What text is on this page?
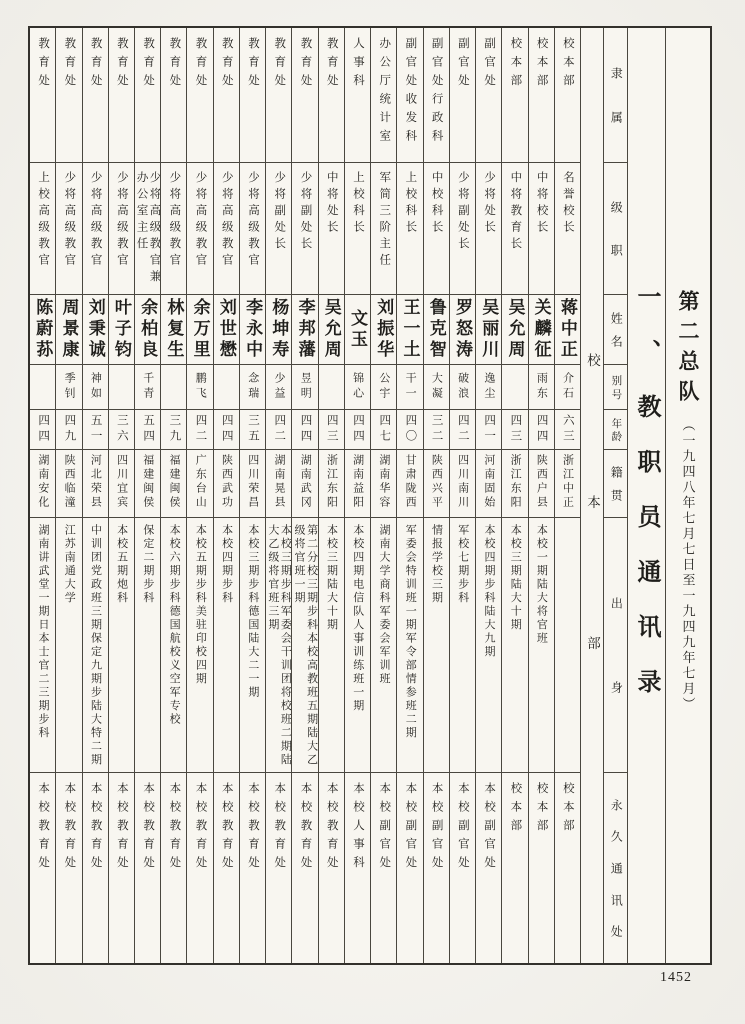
第二总队
（一九四八年七月七日至一九四九年七月）
一、教职员通讯录
隶
属
级
职
姓
名
别
号
年
龄
籍
贯
出
身
永
久
通
讯
处
校
本
部
校本部
名誉校长
蒋中正
介石
六三
浙江中正
校本部
校本部
中将校长
关麟征
雨东
四四
陕西户县
本校一期陆大将官班
校本部
校本部
中将教育长
吴允周
四三
浙江东阳
本校三期陆大十期
校本部
副官处
少将处长
吴丽川
逸尘
四一
河南固始
本校四期步科陆大九期
本校副官处
副官处
少将副处长
罗怒涛
破浪
四二
四川南川
军校七期步科
本校副官处
副官处行政科
中校科长
鲁克智
大凝
三二
陕西兴平
情报学校三期
本校副官处
副官处收发科
上校科长
王一土
干一
四〇
甘肃陇西
军委会特训班一期军令部情参班二期
本校副官处
办公厅统计室
军简三阶主任
刘振华
公宇
四七
湖南华容
湖南大学商科军委会军训班
本校副官处
人事科
上校科长
文玉
锦心
四四
湖南益阳
本校四期电信队人事训练班一期
本校人事科
教育处
中将处长
吴允周
四三
浙江东阳
本校三期陆大十期
本校教育处
教育处
少将副处长
李邦藩
昱明
四四
湖南武冈
第二分校三期步科本校高教班五期陆大乙级将官班一期
本校教育处
教育处
少将副处长
杨坤寿
少益
四二
湖南晃县
本校三期步科军委会干训团将校班二期陆大乙级将官班三期
本校教育处
教育处
少将高级教官
李永中
念瑞
三五
四川荣昌
本校三期步科德国陆大二一期
本校教育处
教育处
少将高级教官
刘世懋
四四
陕西武功
本校四期步科
本校教育处
教育处
少将高级教官
余万里
鹏飞
四二
广东台山
本校五期步科美驻印校四期
本校教育处
教育处
少将高级教官
林复生
三九
福建闽侯
本校六期步科德国航校义空军专校
本校教育处
教育处
少将高级教官兼办公室主任
余柏良
千青
五四
福建闽侯
保定二期步科
本校教育处
教育处
少将高级教官
叶子钧
三六
四川宜宾
本校五期炮科
本校教育处
教育处
少将高级教官
刘秉诚
神如
五一
河北荣县
中训团党政班三期保定九期步陆大特二期
本校教育处
教育处
少将高级教官
周景康
季钊
四九
陕西临潼
江苏南通大学
本校教育处
教育处
上校高级教官
陈蔚荪
四四
湖南安化
湖南讲武堂一期日本士官二三期步科
本校教育处
1452
